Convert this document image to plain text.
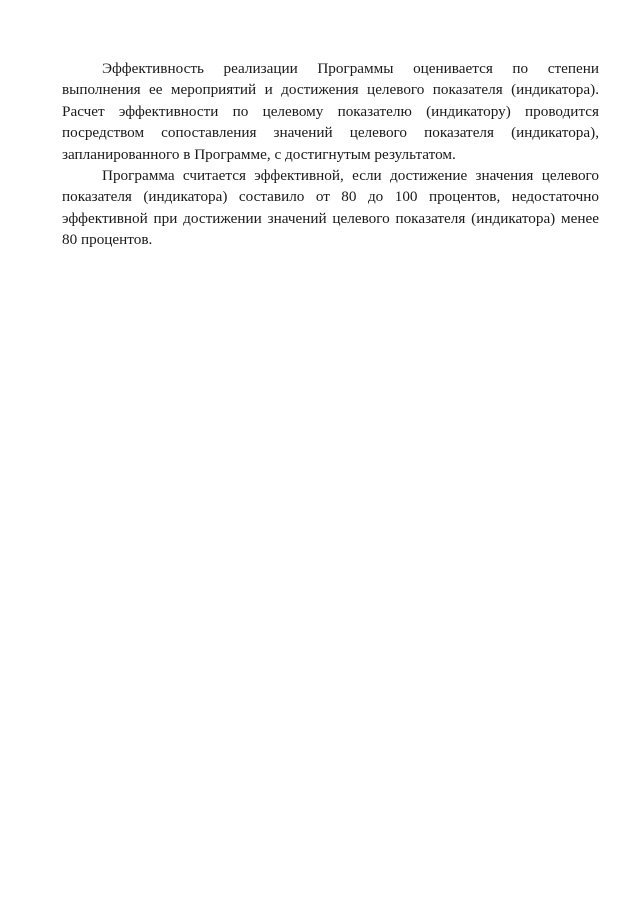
Эффективность реализации Программы оценивается по степени выполнения ее мероприятий и достижения целевого показателя (индикатора). Расчет эффективности по целевому показателю (индикатору) проводится посредством сопоставления значений целевого показателя (индикатора), запланированного в Программе, с достигнутым результатом.

Программа считается эффективной, если достижение значения целевого показателя (индикатора) составило от 80 до 100 процентов, недостаточно эффективной при достижении значений целевого показателя (индикатора) менее 80 процентов.
